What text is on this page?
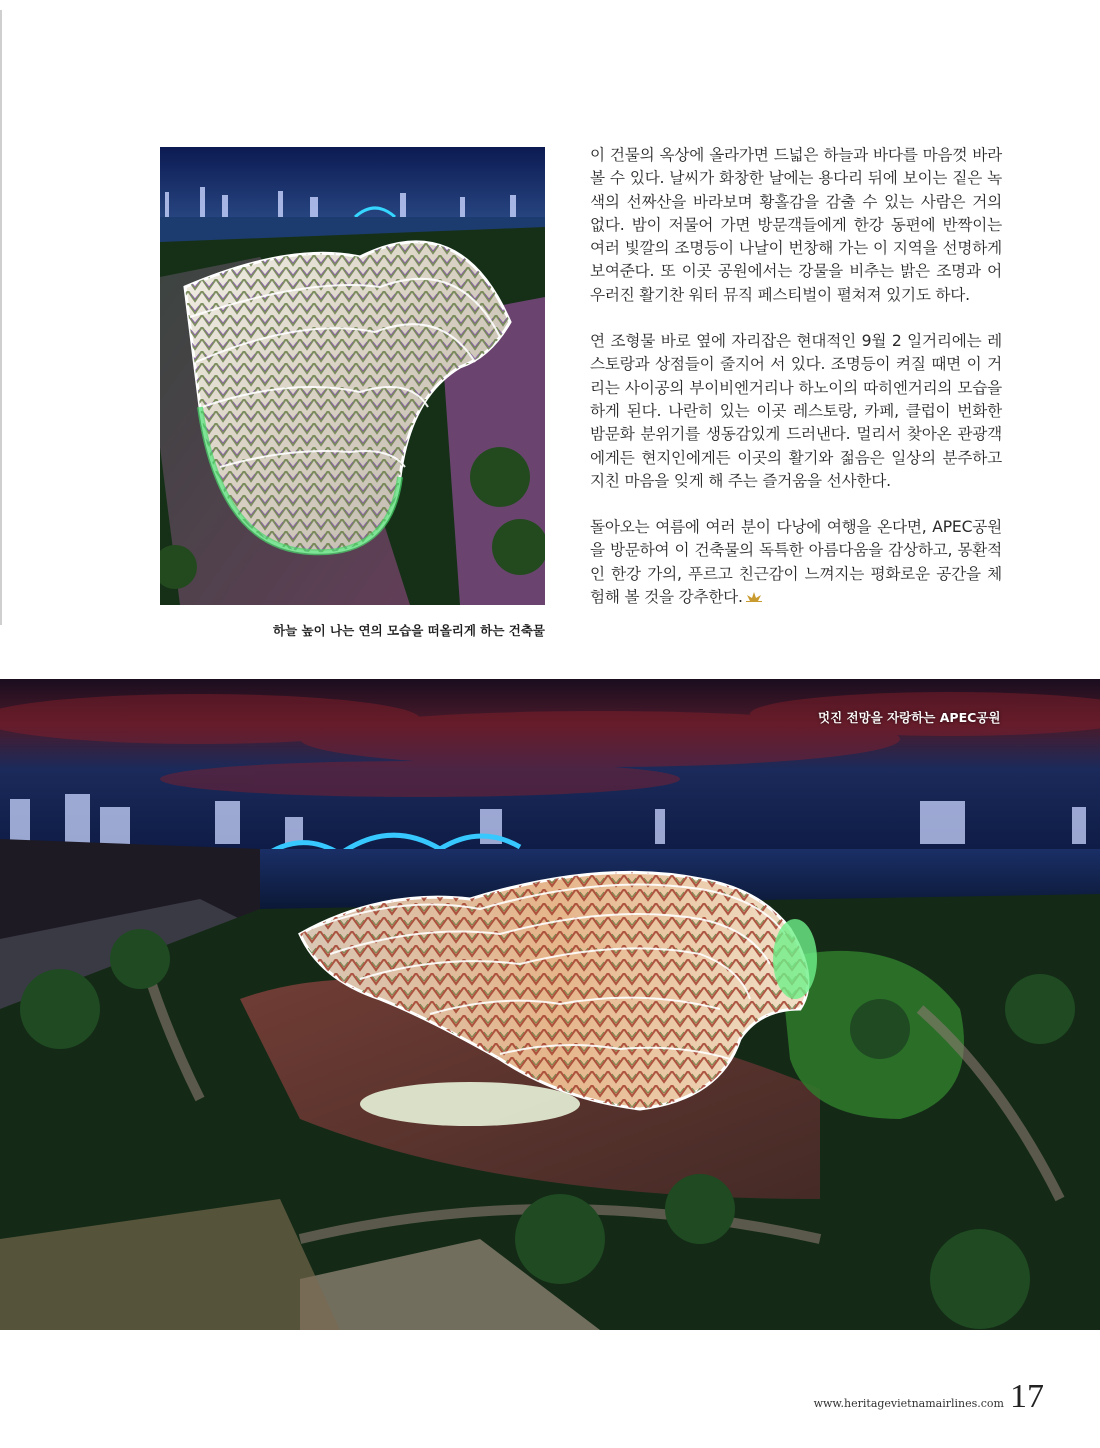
하늘 높이 나는 연의 모습을 떠올리게 하는 건축물

이 건물의 옥상에 올라가면 드넓은 하늘과 바다를 마음껏 바라볼 수 있다. 날씨가 화창한 날에는 용다리 뒤에 보이는 짙은 녹색의 선짜산을 바라보며 황홀감을 감출 수 있는 사람은 거의 없다. 밤이 저물어 가면 방문객들에게 한강 동편에 반짝이는 여러 빛깔의 조명등이 나날이 번창해 가는 이 지역을 선명하게 보여준다. 또 이곳 공원에서는 강물을 비추는 밝은 조명과 어우러진 활기찬 워터 뮤직 페스티벌이 펼쳐져 있기도 하다.

연 조형물 바로 옆에 자리잡은 현대적인 9월 2 일거리에는 레스토랑과 상점들이 줄지어 서 있다. 조명등이 켜질 때면 이 거리는 사이공의 부이비엔거리나 하노이의 따히엔거리의 모습을 하게 된다. 나란히 있는 이곳 레스토랑, 카페, 클럽이 번화한 밤문화 분위기를 생동감있게 드러낸다. 멀리서 찾아온 관광객에게든 현지인에게든 이곳의 활기와 젊음은 일상의 분주하고 지친 마음을 잊게 해 주는 즐거움을 선사한다.

돌아오는 여름에 여러 분이 다낭에 여행을 온다면, APEC공원을 방문하여 이 건축물의 독특한 아름다움을 감상하고, 몽환적인 한강 가의, 푸르고 친근감이 느껴지는 평화로운 공간을 체험해 볼 것을 강추한다.

멋진 전망을 자랑하는 APEC공원
www.heritagevietnamairlines.com 17
